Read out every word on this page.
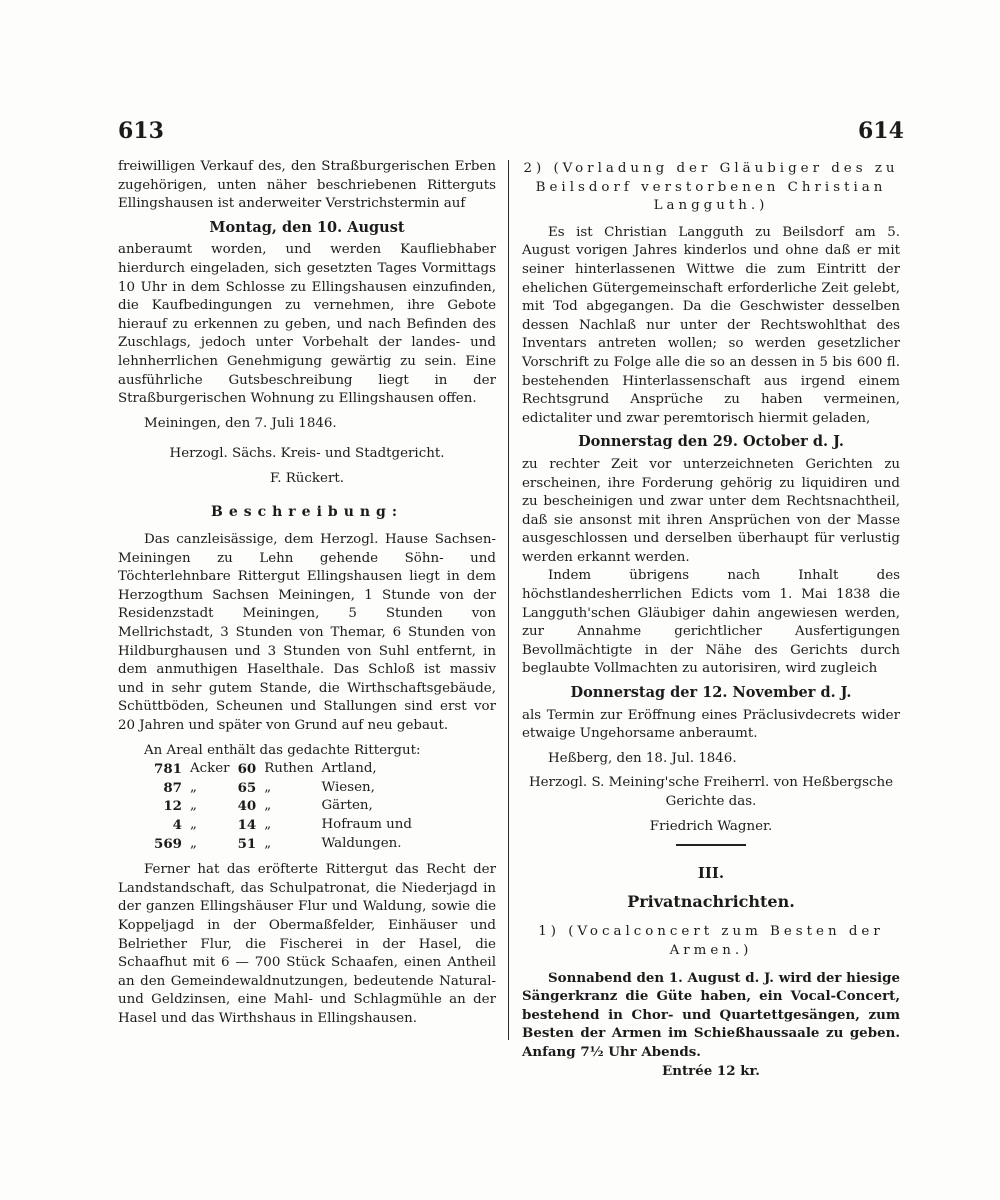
613	614

freiwilligen Verkauf des, den Straßburgerischen Erben zugehörigen, unten näher beschriebenen Ritterguts Ellingshausen ist anderweiter Verstrichstermin auf

Montag, den 10. August

anberaumt worden, und werden Kaufliebhaber hierdurch eingeladen, sich gesetzten Tages Vormittags 10 Uhr in dem Schlosse zu Ellingshausen einzufinden, die Kaufbedingungen zu vernehmen, ihre Gebote hierauf zu erkennen zu geben, und nach Befinden des Zuschlags, jedoch unter Vorbehalt der landes- und lehnherrlichen Genehmigung gewärtig zu sein. Eine ausführliche Gutsbeschreibung liegt in der Straßburgerischen Wohnung zu Ellingshausen offen.

Meiningen, den 7. Juli 1846.

Herzogl. Sächs. Kreis- und Stadtgericht.
F. Rückert.
Beschreibung:

Das canzleisässige, dem Herzogl. Hause Sachsen-Meiningen zu Lehn gehende Söhn- und Töchterlehnbare Rittergut Ellingshausen liegt in dem Herzogthum Sachsen Meiningen, 1 Stunde von der Residenzstadt Meiningen, 5 Stunden von Mellrichstadt, 3 Stunden von Themar, 6 Stunden von Hildburghausen und 3 Stunden von Suhl entfernt, in dem anmuthigen Haselthale. Das Schloß ist massiv und in sehr gutem Stande, die Wirthschaftsgebäude, Schüttböden, Scheunen und Stallungen sind erst vor 20 Jahren und später von Grund auf neu gebaut.

An Areal enthält das gedachte Rittergut:

781	Acker	60	Ruthen	Artland,
87	„	65	„	Wiesen,
12	„	40	„	Gärten,
4	„	14	„	Hofraum und
569	„	51	„	Waldungen.

Ferner hat das eröfterte Rittergut das Recht der Landstandschaft, das Schulpatronat, die Niederjagd in der ganzen Ellingshäuser Flur und Waldung, sowie die Koppeljagd in der Obermaßfelder, Einhäuser und Belriether Flur, die Fischerei in der Hasel, die Schaafhut mit 6 — 700 Stück Schaafen, einen Antheil an den Gemeindewaldnutzungen, bedeutende Natural- und Geldzinsen, eine Mahl- und Schlagmühle an der Hasel und das Wirthshaus in Ellingshausen.

2) (Vorladung der Gläubiger des zu Beilsdorf verstorbenen Christian Langguth.)

Es ist Christian Langguth zu Beilsdorf am 5. August vorigen Jahres kinderlos und ohne daß er mit seiner hinterlassenen Wittwe die zum Eintritt der ehelichen Gütergemeinschaft erforderliche Zeit gelebt, mit Tod abgegangen. Da die Geschwister desselben dessen Nachlaß nur unter der Rechtswohlthat des Inventars antreten wollen; so werden gesetzlicher Vorschrift zu Folge alle die so an dessen in 5 bis 600 fl. bestehenden Hinterlassenschaft aus irgend einem Rechtsgrund Ansprüche zu haben vermeinen, edictaliter und zwar peremtorisch hiermit geladen,

Donnerstag den 29. October d. J.

zu rechter Zeit vor unterzeichneten Gerichten zu erscheinen, ihre Forderung gehörig zu liquidiren und zu bescheinigen und zwar unter dem Rechtsnachtheil, daß sie ansonst mit ihren Ansprüchen von der Masse ausgeschlossen und derselben überhaupt für verlustig werden erkannt werden.

Indem übrigens nach Inhalt des höchstlandesherrlichen Edicts vom 1. Mai 1838 die Langguth'schen Gläubiger dahin angewiesen werden, zur Annahme gerichtlicher Ausfertigungen Bevollmächtigte in der Nähe des Gerichts durch beglaubte Vollmachten zu autorisiren, wird zugleich

Donnerstag der 12. November d. J.

als Termin zur Eröffnung eines Präclusivdecrets wider etwaige Ungehorsame anberaumt.

Heßberg, den 18. Jul. 1846.

Herzogl. S. Meining'sche Freiherrl. von Heßbergsche Gerichte das.
Friedrich Wagner.
III.
Privatnachrichten.
1) (Vocalconcert zum Besten der Armen.)

Sonnabend den 1. August d. J. wird der hiesige Sängerkranz die Güte haben, ein Vocal-Concert, bestehend in Chor- und Quartettgesängen, zum Besten der Armen im Schießhaussaale zu geben. Anfang 7½ Uhr Abends.

Entrée 12 kr.
